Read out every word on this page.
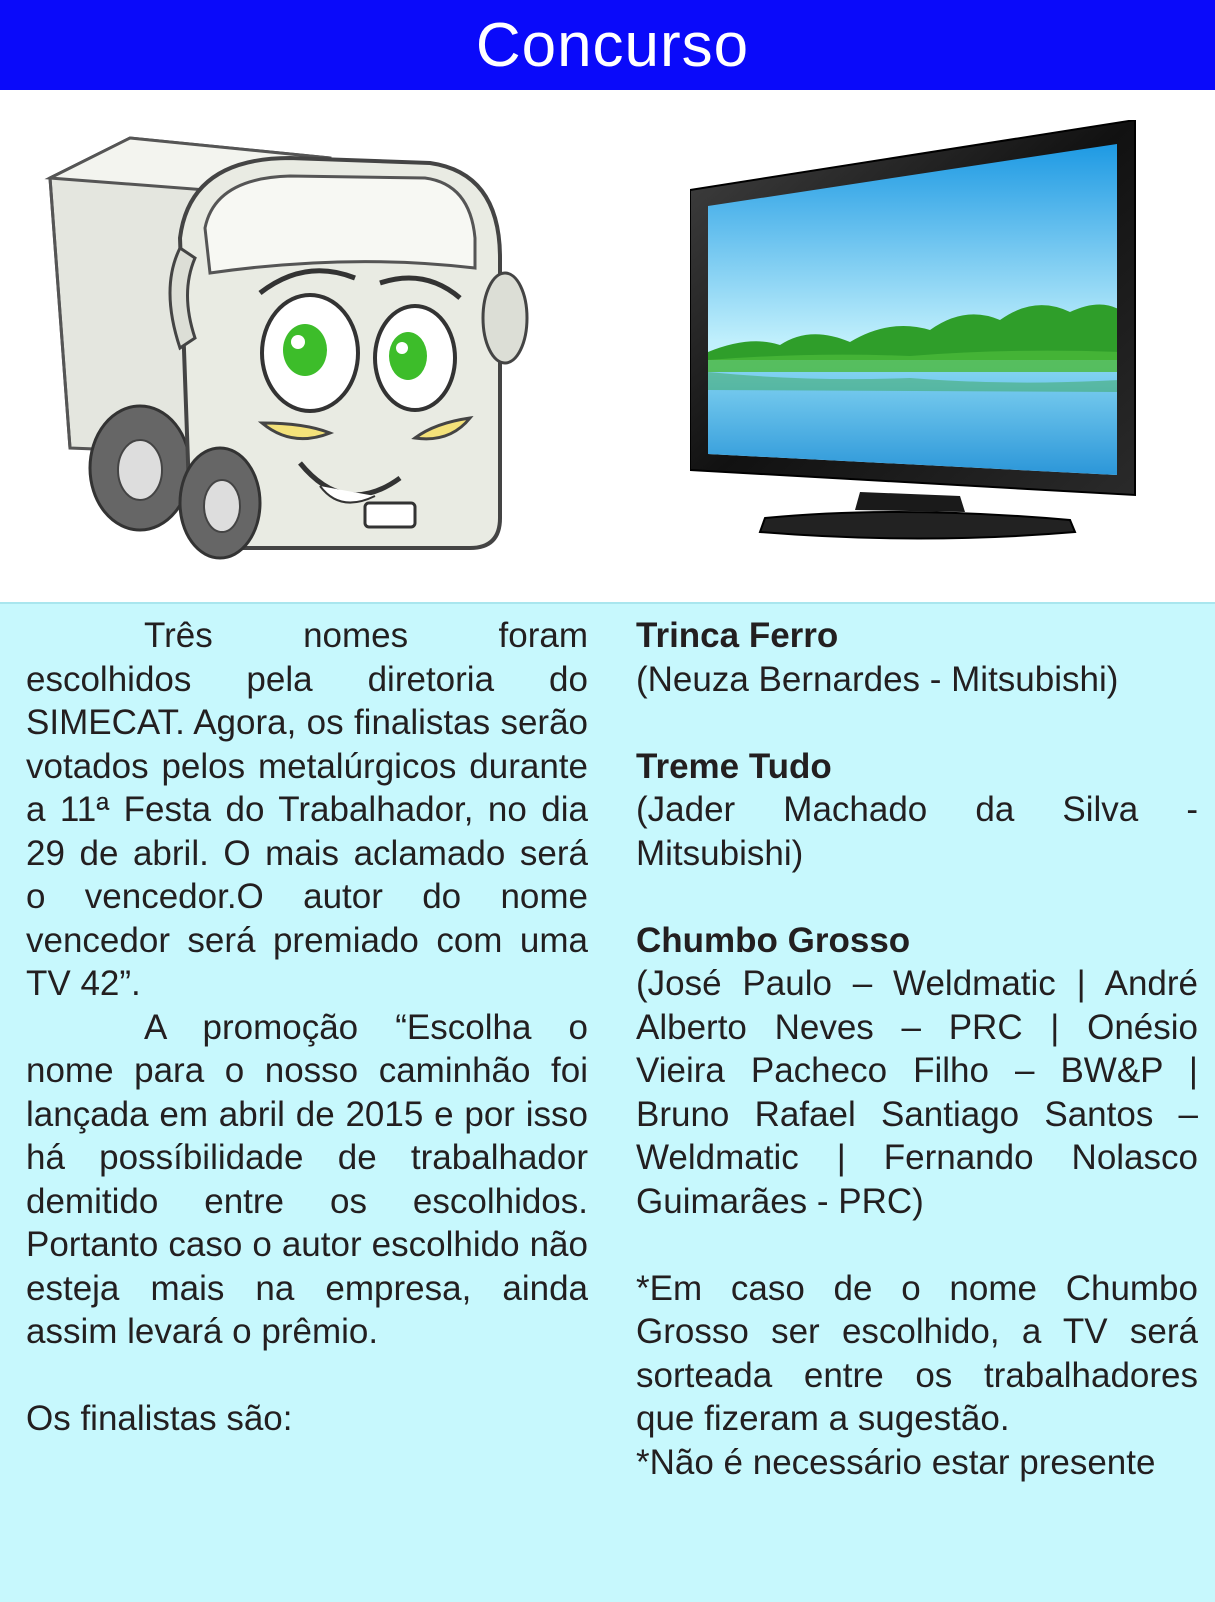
Concurso

Três nomes foram escolhidos pela diretoria do SIMECAT. Agora, os finalistas serão votados pelos metalúrgicos durante a 11ª Festa do Trabalhador, no dia 29 de abril. O mais aclamado será o vencedor.O autor do nome vencedor será premiado com uma TV 42”.

A promoção “Escolha o nome para o nosso caminhão foi lançada em abril de 2015 e por isso há possíbilidade de trabalhador demitido entre os escolhidos. Portanto caso o autor escolhido não esteja mais na empresa, ainda assim levará o prêmio.

Os finalistas são:

Trinca Ferro

(Neuza Bernardes - Mitsubishi)

Treme Tudo

(Jader Machado da Silva - Mitsubishi)

Chumbo Grosso

(José Paulo – Weldmatic | André Alberto Neves – PRC | Onésio Vieira Pacheco Filho – BW&P | Bruno Rafael Santiago Santos – Weldmatic | Fernando Nolasco Guimarães - PRC)

*Em caso de o nome Chumbo Grosso ser escolhido, a TV será sorteada entre os trabalhadores que fizeram a sugestão.

*Não é necessário estar presente
